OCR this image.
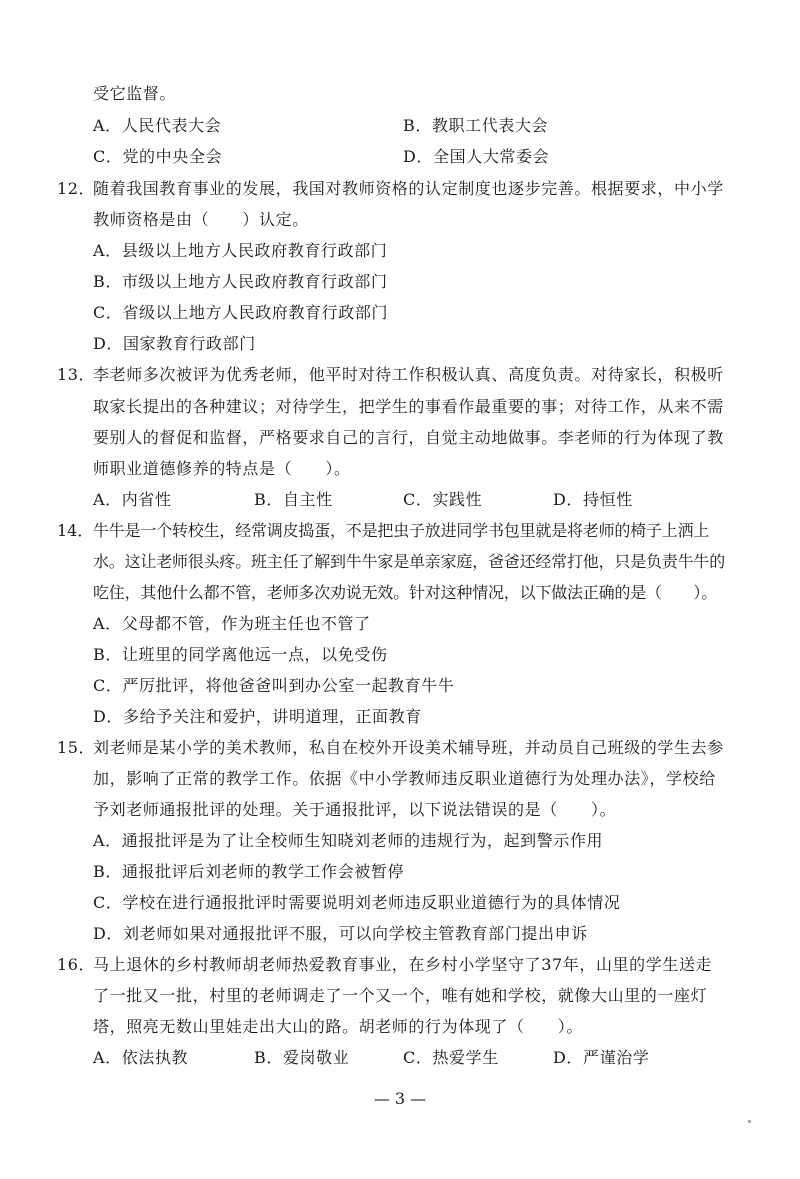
受它监督。
A．人民代表大会	B．教职工代表大会
C．党的中央全会	D．全国人大常委会
12．
随着我国教育事业的发展，我国对教师资格的认定制度也逐步完善。根据要求，中小学
教师资格是由（　　）认定。
A．县级以上地方人民政府教育行政部门
B．市级以上地方人民政府教育行政部门
C．省级以上地方人民政府教育行政部门
D．国家教育行政部门
13．
李老师多次被评为优秀老师，他平时对待工作积极认真、高度负责。对待家长，积极听
取家长提出的各种建议；对待学生，把学生的事看作最重要的事；对待工作，从来不需
要别人的督促和监督，严格要求自己的言行，自觉主动地做事。李老师的行为体现了教
师职业道德修养的特点是（　　）。
A．内省性	B．自主性	C．实践性	D．持恒性
14． 牛牛是一个转校生，经常调皮捣蛋，不是把虫子放进同学书包里就是将老师的椅子上洒上
水。这让老师很头疼。班主任了解到牛牛家是单亲家庭，爸爸还经常打他，只是负责牛牛的
吃住，其他什么都不管，老师多次劝说无效。针对这种情况，以下做法正确的是（　　）。
A．父母都不管，作为班主任也不管了
B．让班里的同学离他远一点，以免受伤
C．严厉批评，将他爸爸叫到办公室一起教育牛牛
D．多给予关注和爱护，讲明道理，正面教育
15．
刘老师是某小学的美术教师，私自在校外开设美术辅导班，并动员自己班级的学生去参
加，影响了正常的教学工作。依据《中小学教师违反职业道德行为处理办法》，学校给
予刘老师通报批评的处理。关于通报批评，以下说法错误的是（　　）。
A．通报批评是为了让全校师生知晓刘老师的违规行为，起到警示作用
B．通报批评后刘老师的教学工作会被暂停
C．学校在进行通报批评时需要说明刘老师违反职业道德行为的具体情况
D．刘老师如果对通报批评不服，可以向学校主管教育部门提出申诉
16．
马上退休的乡村教师胡老师热爱教育事业，在乡村小学坚守了37年，山里的学生送走
了一批又一批，村里的老师调走了一个又一个，唯有她和学校，就像大山里的一座灯
塔，照亮无数山里娃走出大山的路。胡老师的行为体现了（　　）。
A．依法执教	B．爱岗敬业	C．热爱学生	D．严谨治学
— 3 —
